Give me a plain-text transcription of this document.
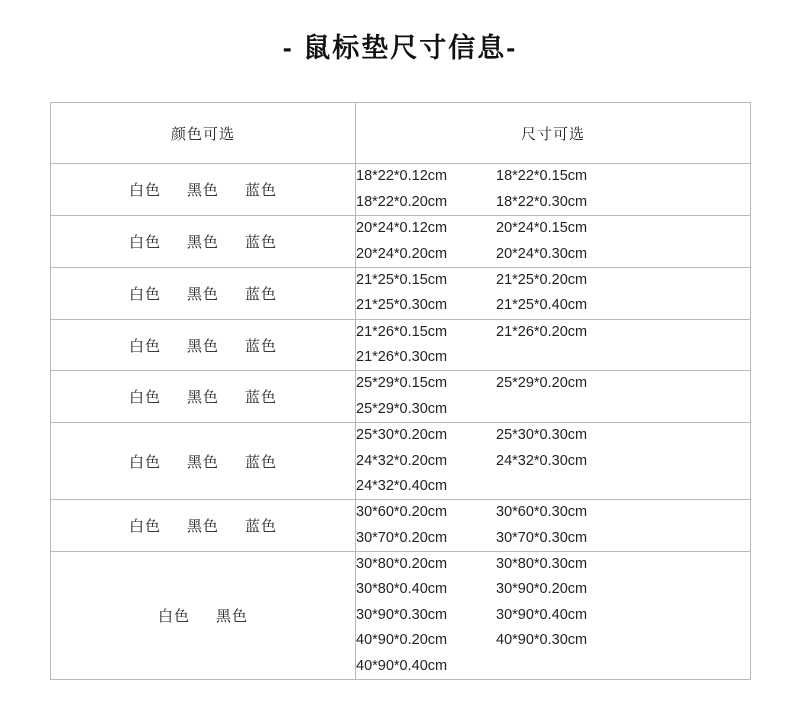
- 鼠标垫尺寸信息-
颜色可选	尺寸可选
白色 黑色 蓝色	18*22*0.12cm 18*22*0.15cm
18*22*0.20cm 18*22*0.30cm

白色 黑色 蓝色	20*24*0.12cm 20*24*0.15cm
20*24*0.20cm 20*24*0.30cm

白色 黑色 蓝色	21*25*0.15cm 21*25*0.20cm
21*25*0.30cm 21*25*0.40cm

白色 黑色 蓝色	21*26*0.15cm 21*26*0.20cm
21*26*0.30cm

白色 黑色 蓝色	25*29*0.15cm 25*29*0.20cm
25*29*0.30cm

白色 黑色 蓝色	25*30*0.20cm 25*30*0.30cm
24*32*0.20cm 24*32*0.30cm
24*32*0.40cm

白色 黑色 蓝色	30*60*0.20cm 30*60*0.30cm
30*70*0.20cm 30*70*0.30cm

白色 黑色	30*80*0.20cm 30*80*0.30cm
30*80*0.40cm 30*90*0.20cm
30*90*0.30cm 30*90*0.40cm
40*90*0.20cm 40*90*0.30cm
40*90*0.40cm
